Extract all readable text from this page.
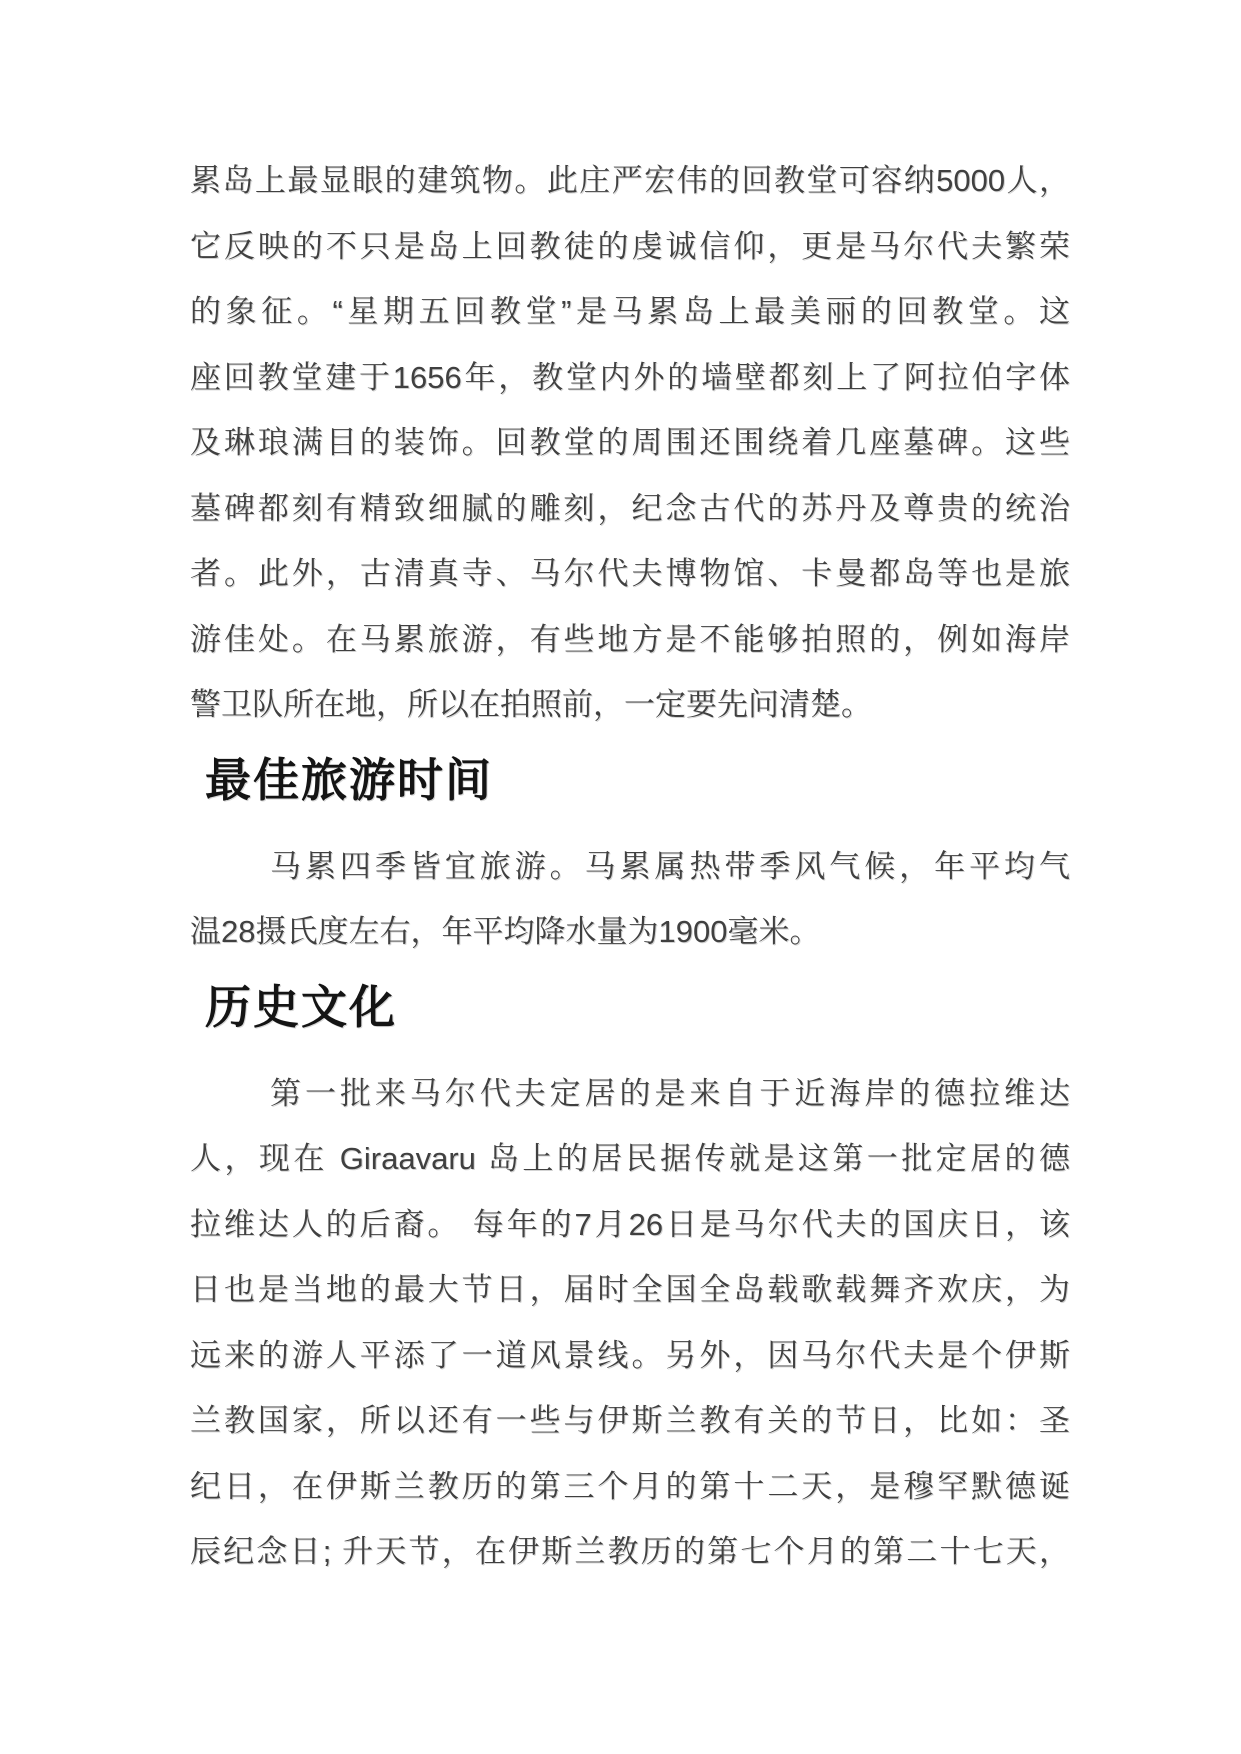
累岛上最显眼的建筑物。此庄严宏伟的回教堂可容纳5000人，
它反映的不只是岛上回教徒的虔诚信仰，更是马尔代夫繁荣
的象征。“星期五回教堂”是马累岛上最美丽的回教堂。这
座回教堂建于1656年，教堂内外的墙壁都刻上了阿拉伯字体
及琳琅满目的装饰。回教堂的周围还围绕着几座墓碑。这些
墓碑都刻有精致细腻的雕刻，纪念古代的苏丹及尊贵的统治
者。此外，古清真寺、马尔代夫博物馆、卡曼都岛等也是旅
游佳处。在马累旅游，有些地方是不能够拍照的，例如海岸
警卫队所在地，所以在拍照前，一定要先问清楚。
最佳旅游时间
马累四季皆宜旅游。马累属热带季风气候，年平均气
温28摄氏度左右，年平均降水量为1900毫米。
历史文化
第一批来马尔代夫定居的是来自于近海岸的德拉维达
人，现在 Giraavaru 岛上的居民据传就是这第一批定居的德
拉维达人的后裔。 每年的7月26日是马尔代夫的国庆日，该
日也是当地的最大节日，届时全国全岛载歌载舞齐欢庆，为
远来的游人平添了一道风景线。另外，因马尔代夫是个伊斯
兰教国家，所以还有一些与伊斯兰教有关的节日，比如：圣
纪日，在伊斯兰教历的第三个月的第十二天，是穆罕默德诞
辰纪念日; 升天节，在伊斯兰教历的第七个月的第二十七天，
